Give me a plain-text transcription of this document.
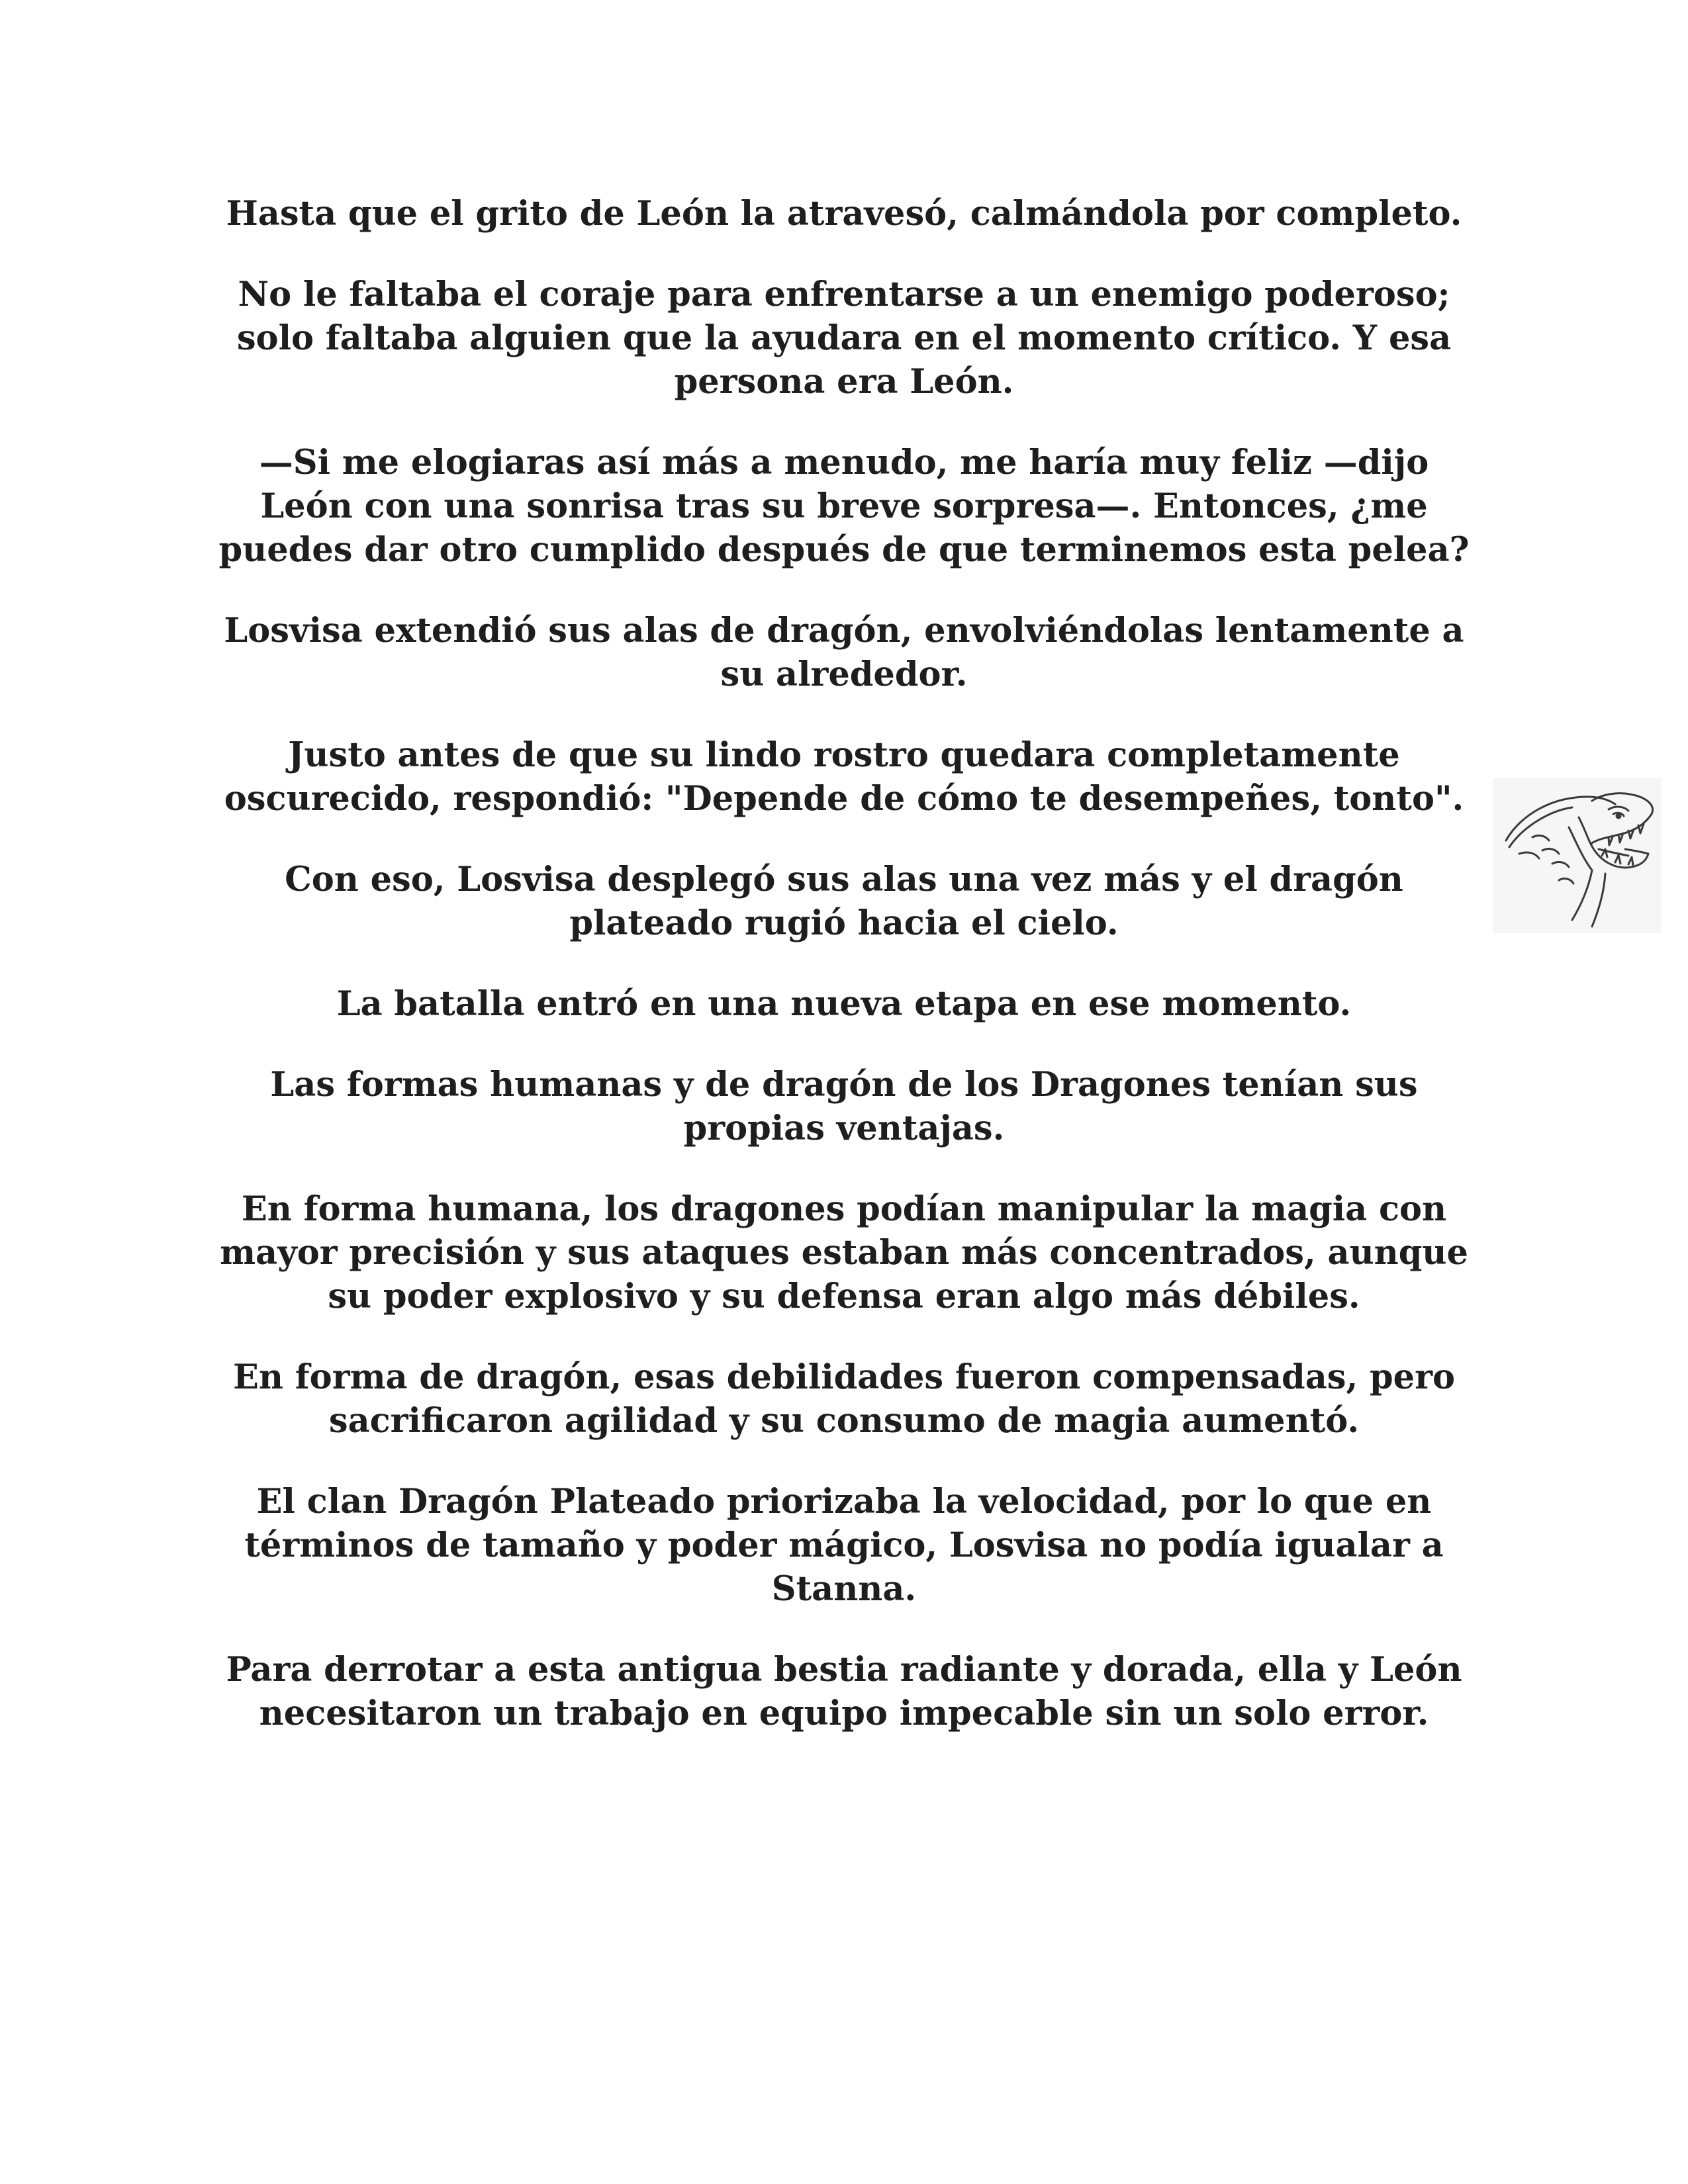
Hasta que el grito de León la atravesó, calmándola por completo.

No le faltaba el coraje para enfrentarse a un enemigo poderoso; solo faltaba alguien que la ayudara en el momento crítico. Y esa persona era León.

—Si me elogiaras así más a menudo, me haría muy feliz —dijo León con una sonrisa tras su breve sorpresa—. Entonces, ¿me puedes dar otro cumplido después de que terminemos esta pelea?

Losvisa extendió sus alas de dragón, envolviéndolas lentamente a su alrededor.

Justo antes de que su lindo rostro quedara completamente oscurecido, respondió: "Depende de cómo te desempeñes, tonto".

Con eso, Losvisa desplegó sus alas una vez más y el dragón plateado rugió hacia el cielo.

La batalla entró en una nueva etapa en ese momento.

Las formas humanas y de dragón de los Dragones tenían sus propias ventajas.

En forma humana, los dragones podían manipular la magia con mayor precisión y sus ataques estaban más concentrados, aunque su poder explosivo y su defensa eran algo más débiles.

En forma de dragón, esas debilidades fueron compensadas, pero sacrificaron agilidad y su consumo de magia aumentó.

El clan Dragón Plateado priorizaba la velocidad, por lo que en términos de tamaño y poder mágico, Losvisa no podía igualar a Stanna.

Para derrotar a esta antigua bestia radiante y dorada, ella y León necesitaron un trabajo en equipo impecable sin un solo error.
